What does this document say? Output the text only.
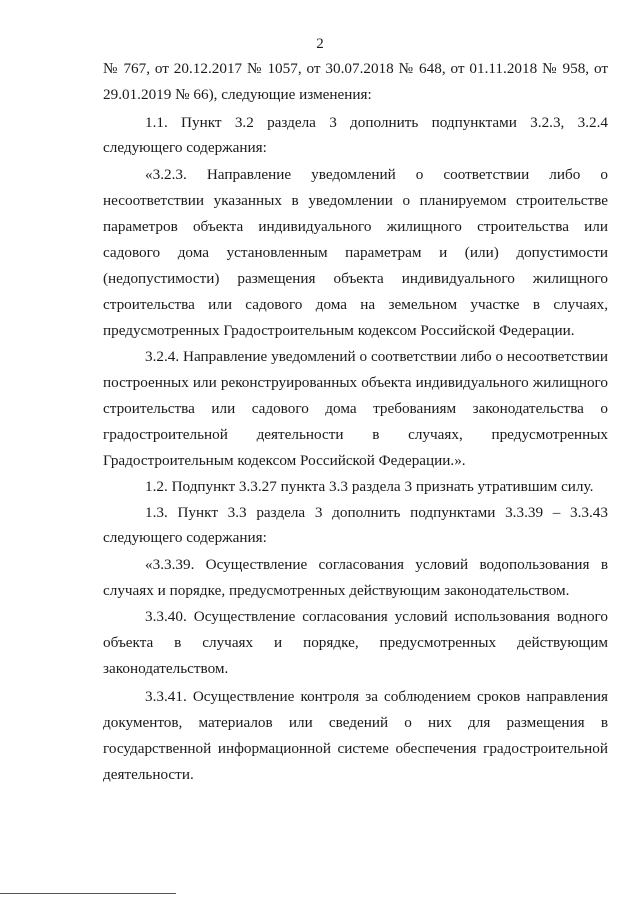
2
№ 767, от 20.12.2017 № 1057, от 30.07.2018 № 648, от 01.11.2018 № 958, от
29.01.2019 № 66), следующие изменения:
1.1. Пункт 3.2 раздела 3 дополнить подпунктами 3.2.3, 3.2.4
следующего содержания:
«3.2.3. Направление уведомлений о соответствии либо о
несоответствии указанных в уведомлении о планируемом строительстве
параметров объекта индивидуального жилищного строительства или
садового дома установленным параметрам и (или) допустимости
(недопустимости) размещения объекта индивидуального жилищного
строительства или садового дома на земельном участке в случаях,
предусмотренных Градостроительным кодексом Российской Федерации.
3.2.4. Направление уведомлений о соответствии либо о несоответствии
построенных или реконструированных объекта индивидуального жилищного
строительства или садового дома требованиям законодательства о
градостроительной деятельности в случаях, предусмотренных
Градостроительным кодексом Российской Федерации.».
1.2. Подпункт 3.3.27 пункта 3.3 раздела 3 признать утратившим силу.
1.3. Пункт 3.3 раздела 3 дополнить подпунктами 3.3.39 – 3.3.43
следующего содержания:
«3.3.39. Осуществление согласования условий водопользования в
случаях и порядке, предусмотренных действующим законодательством.
3.3.40. Осуществление согласования условий использования водного
объекта в случаях и порядке, предусмотренных действующим
законодательством.
3.3.41. Осуществление контроля за соблюдением сроков направления
документов, материалов или сведений о них для размещения в
государственной информационной системе обеспечения градостроительной
деятельности.
